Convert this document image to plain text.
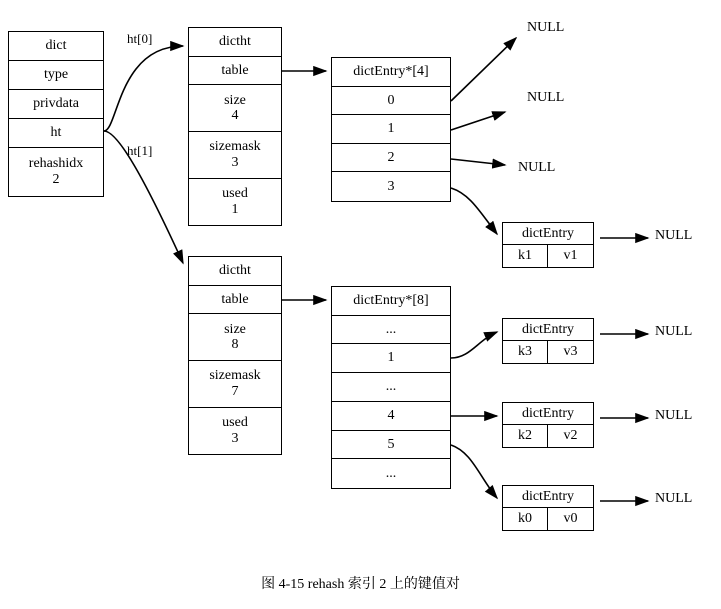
dict
type
privdata
ht
rehashidx
2
dictht
table
size
4
sizemask
3
used
1
dictEntry*[4]
0
1
2
3
dictht
table
size
8
sizemask
7
used
3
dictEntry*[8]
...
1
...
4
5
...
dictEntry
k1	v1
dictEntry
k3	v3
dictEntry
k2	v2
dictEntry
k0	v0
ht[0]
ht[1]
NULL
NULL
NULL
NULL
NULL
NULL
NULL
图 4-15 rehash 索引 2 上的键值对
